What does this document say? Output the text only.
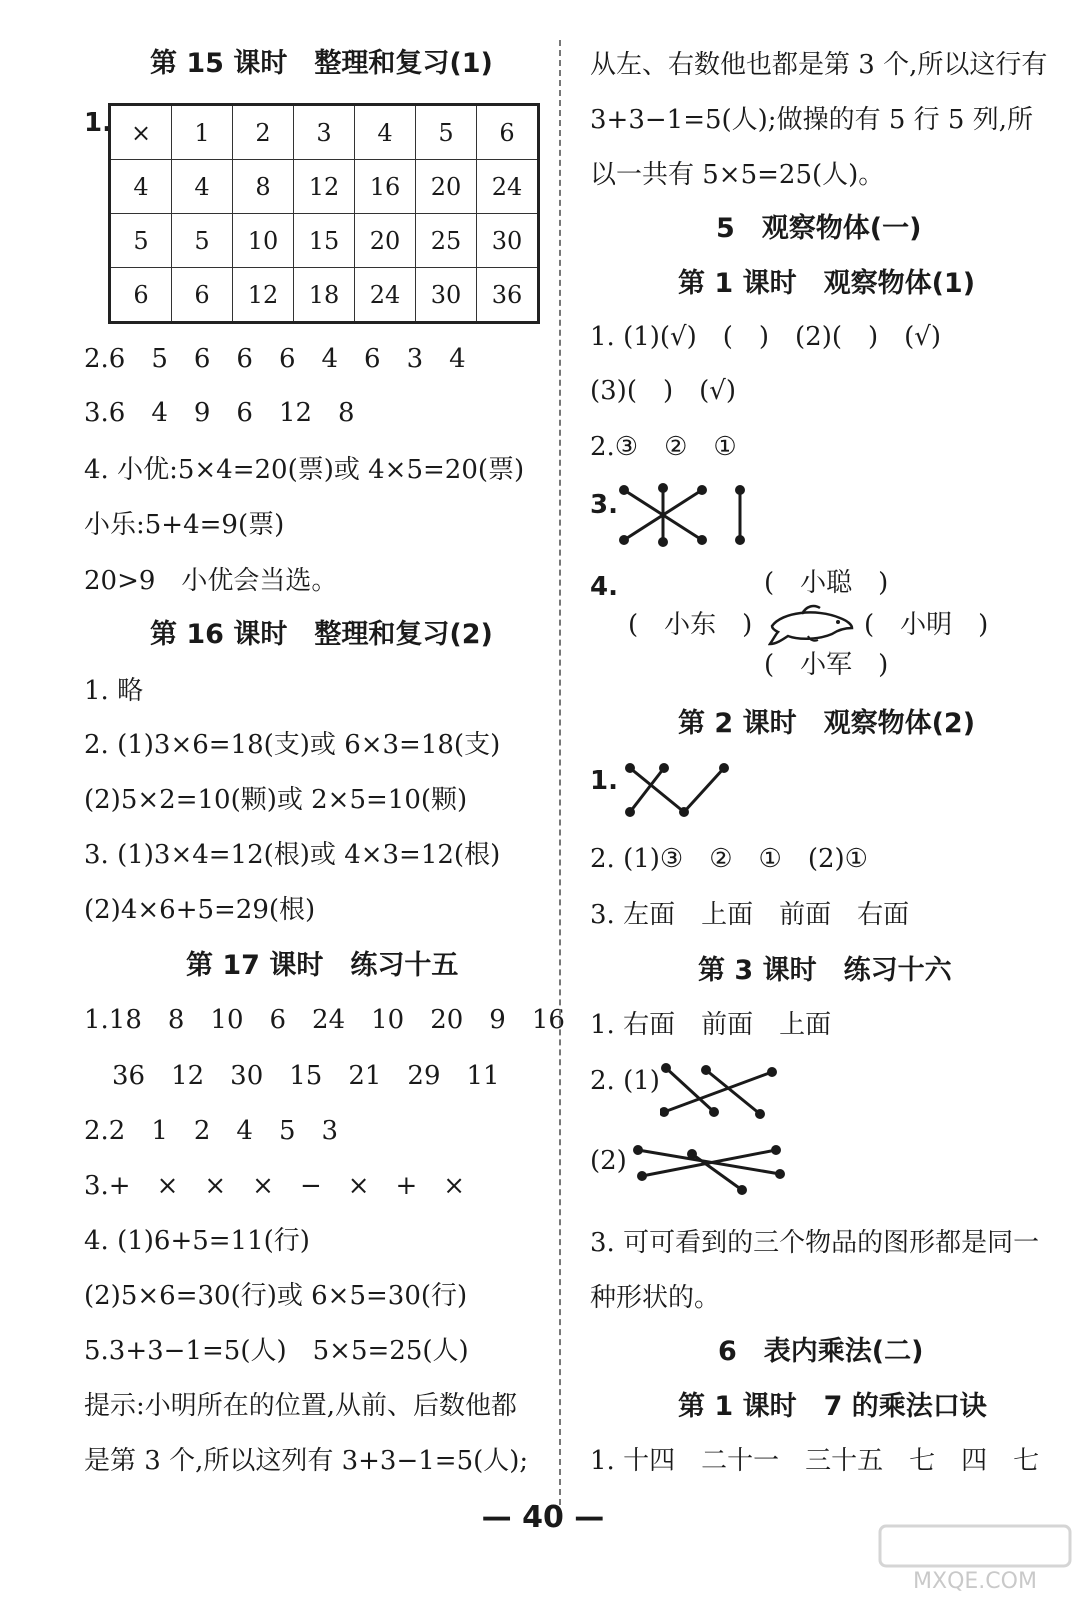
第 15 课时　整理和复习(1)
1. ×	1	2	3	4	5	6
4	4	8	12	16	20	24
5	5	10	15	20	25	30
6	6	12	18	24	30	36
2.6　5　6　6　6　4　6　3　4
3.6　4　9　6　12　8
4. 小优:5×4=20(票)或 4×5=20(票)
小乐:5+4=9(票)
20>9　小优会当选。
第 16 课时　整理和复习(2)
1. 略
2. (1)3×6=18(支)或 6×3=18(支)
(2)5×2=10(颗)或 2×5=10(颗)
3. (1)3×4=12(根)或 4×3=12(根)
(2)4×6+5=29(根)
第 17 课时　练习十五
1.18　8　10　6　24　10　20　9　16
36　12　30　15　21　29　11
2.2　1　2　4　5　3
3.+　×　×　×　−　×　+　×
4. (1)6+5=11(行)
(2)5×6=30(行)或 6×5=30(行)
5.3+3−1=5(人)　5×5=25(人)
提示:小明所在的位置,从前、后数他都
是第 3 个,所以这列有 3+3−1=5(人);
从左、右数他也都是第 3 个,所以这行有
3+3−1=5(人);做操的有 5 行 5 列,所
以一共有 5×5=25(人)。
5　观察物体(一)
第 1 课时　观察物体(1)
1. (1)(√)　(　)　(2)(　)　(√)
(3)(　)　(√)
2.③　②　①
3.
4.	(　小聪　)
(　小东　)	(　小明　)
(　小军　)
第 2 课时　观察物体(2)
1.
2. (1)③　②　①　(2)①
3. 左面　上面　前面　右面
第 3 课时　练习十六
1. 右面　前面　上面
2. (1)
(2)
3. 可可看到的三个物品的图形都是同一
种形状的。
6　表内乘法(二)
第 1 课时　7 的乘法口诀
1. 十四　二十一　三十五　七　四　七
— 40 —
MXQE.COM
